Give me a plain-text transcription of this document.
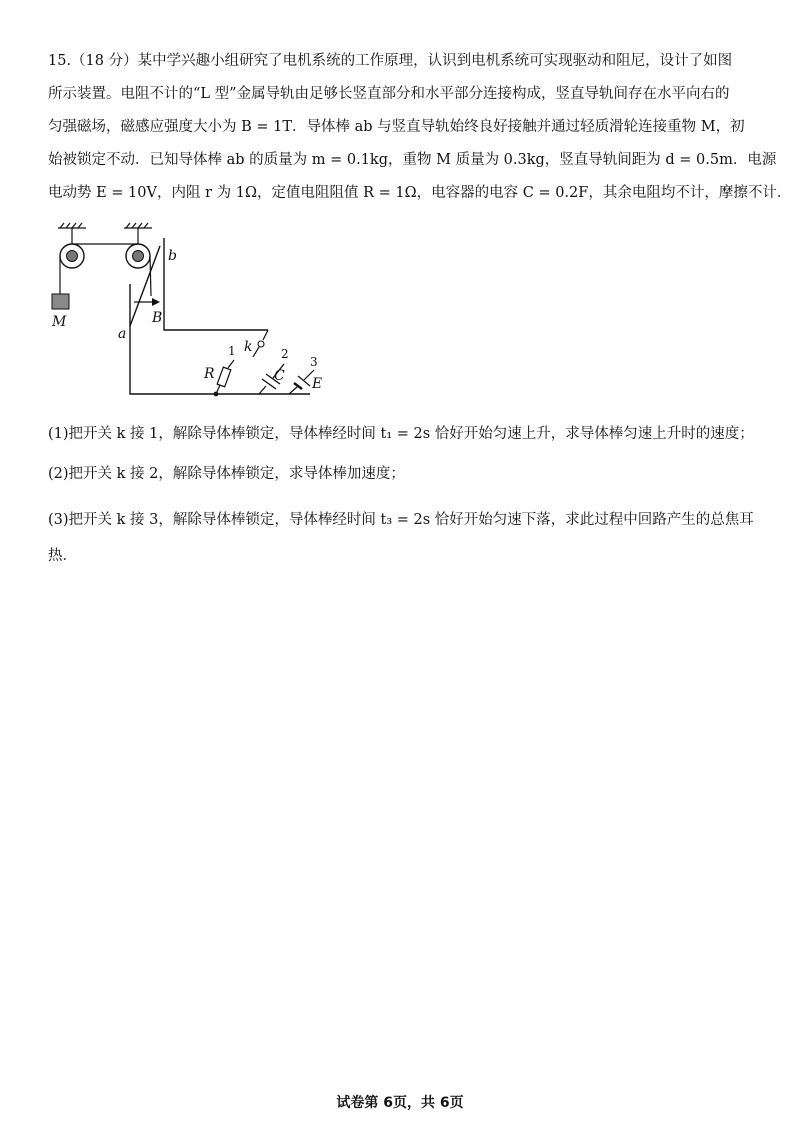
15.（18 分）某中学兴趣小组研究了电机系统的工作原理，认识到电机系统可实现驱动和阻尼，设计了如图
所示装置。电阻不计的“L 型”金属导轨由足够长竖直部分和水平部分连接构成，竖直导轨间存在水平向右的
匀强磁场，磁感应强度大小为 B = 1T．导体棒 ab 与竖直导轨始终良好接触并通过轻质滑轮连接重物 M，初
始被锁定不动．已知导体棒 ab 的质量为 m = 0.1kg，重物 M 质量为 0.3kg，竖直导轨间距为 d = 0.5m．电源
电动势 E = 10V，内阻 r 为 1Ω，定值电阻阻值 R = 1Ω，电容器的电容 C = 0.2F，其余电阻均不计，摩擦不计．
M
a
b
B
k
1	2
3
R	C E
(1)把开关 k 接 1，解除导体棒锁定，导体棒经时间 t₁ = 2s 恰好开始匀速上升，求导体棒匀速上升时的速度；
(2)把开关 k 接 2，解除导体棒锁定，求导体棒加速度；
(3)把开关 k 接 3，解除导体棒锁定，导体棒经时间 t₃ = 2s 恰好开始匀速下落，求此过程中回路产生的总焦耳热．
试卷第 6页，共 6页
